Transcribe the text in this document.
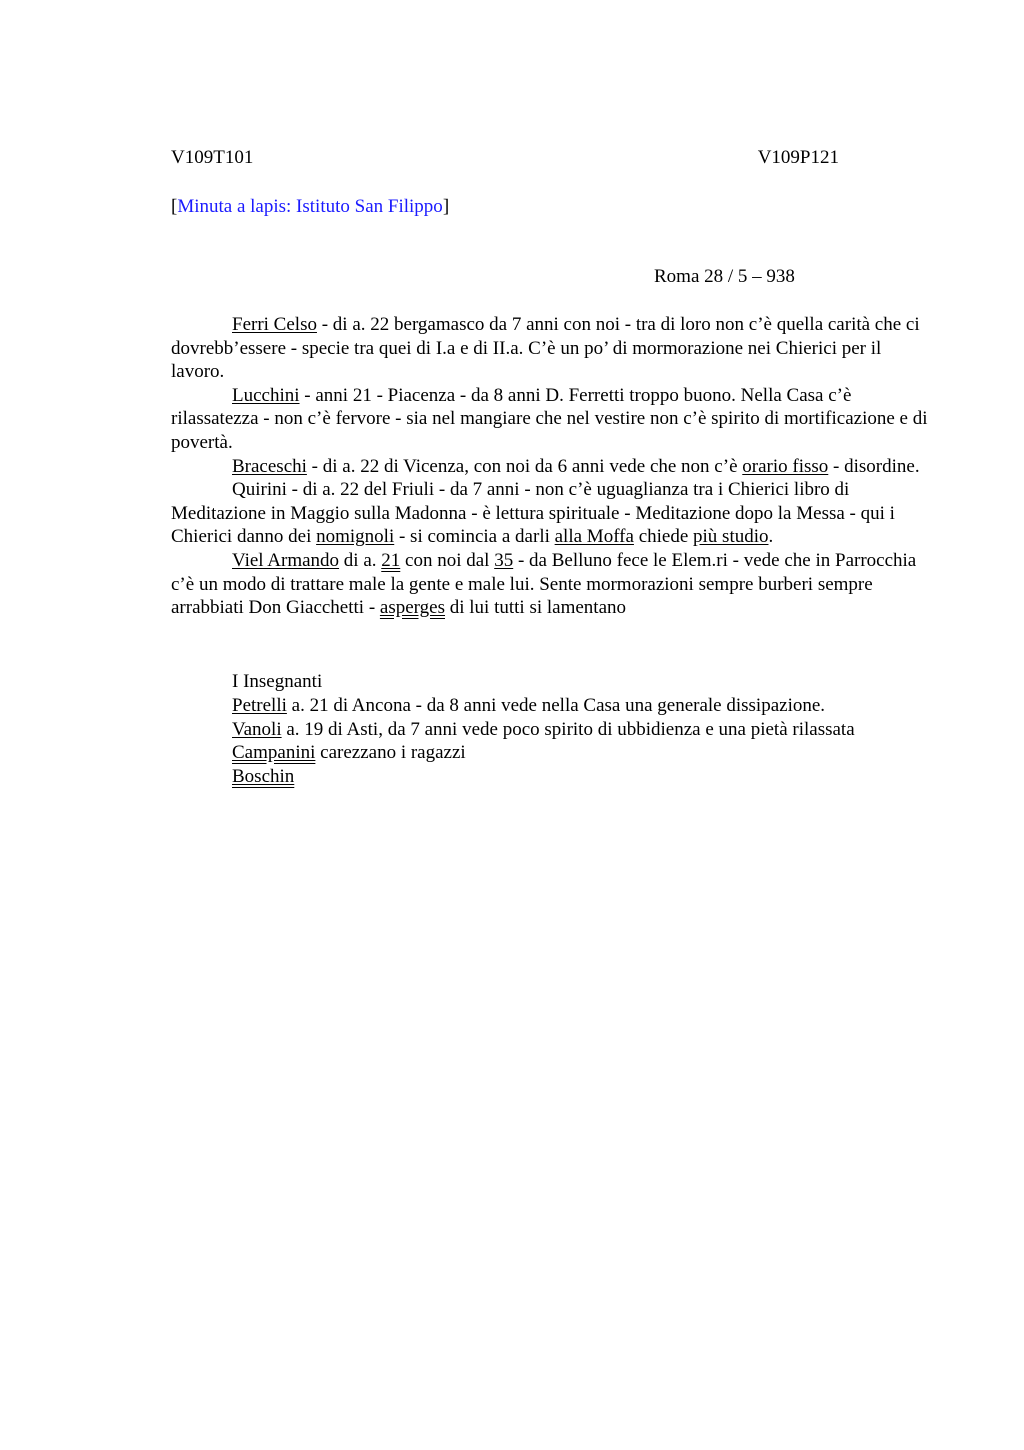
V109T101	V109P121
[Minuta a lapis: Istituto San Filippo]
Roma 28 / 5 – 938

Ferri Celso - di a. 22 bergamasco da 7 anni con noi - tra di loro non c’è quella carità che ci dovrebb’essere - specie tra quei di I.a e di II.a. C’è un po’ di mormorazione nei Chierici per il lavoro.

Lucchini - anni 21 - Piacenza - da 8 anni D. Ferretti troppo buono. Nella Casa c’è rilassatezza - non c’è fervore - sia nel mangiare che nel vestire non c’è spirito di mortificazione e di povertà.

Braceschi - di a. 22 di Vicenza, con noi da 6 anni vede che non c’è orario fisso - disordine.

Quirini - di a. 22 del Friuli - da 7 anni - non c’è uguaglianza tra i Chierici libro di Meditazione in Maggio sulla Madonna - è lettura spirituale - Meditazione dopo la Messa - qui i Chierici danno dei nomignoli - si comincia a darli alla Moffa chiede più studio.

Viel Armando di a. 21 con noi dal 35 - da Belluno fece le Elem.ri - vede che in Parrocchia c’è un modo di trattare male la gente e male lui. Sente mormorazioni sempre burberi sempre arrabbiati Don Giacchetti - asperges di lui tutti si lamentano

I Insegnanti
Petrelli a. 21 di Ancona - da 8 anni vede nella Casa una generale dissipazione.
Vanoli a. 19 di Asti, da 7 anni vede poco spirito di ubbidienza e una pietà rilassata
Campanini carezzano i ragazzi
Boschin
